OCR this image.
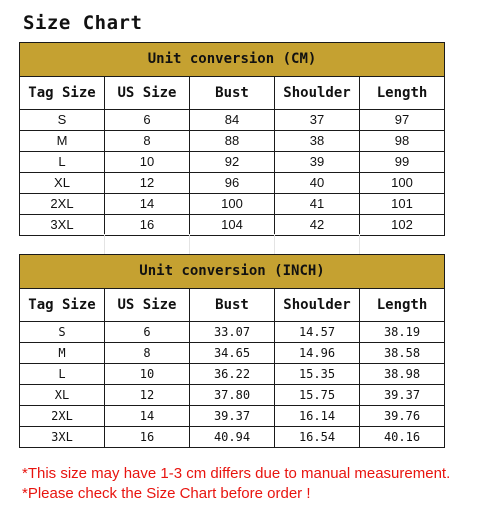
Size Chart
Unit conversion (CM)				
Tag Size	US Size	Bust	Shoulder	Length
S	6	84	37	97
M	8	88	38	98
L	10	92	39	99
XL	12	96	40	100
2XL	14	100	41	101
3XL	16	104	42	102
Unit conversion (INCH)				
Tag Size	US Size	Bust	Shoulder	Length
S	6	33.07	14.57	38.19
M	8	34.65	14.96	38.58
L	10	36.22	15.35	38.98
XL	12	37.80	15.75	39.37
2XL	14	39.37	16.14	39.76
3XL	16	40.94	16.54	40.16
*This size may have 1-3 cm differs due to manual measurement.
*Please check the Size Chart before order !
